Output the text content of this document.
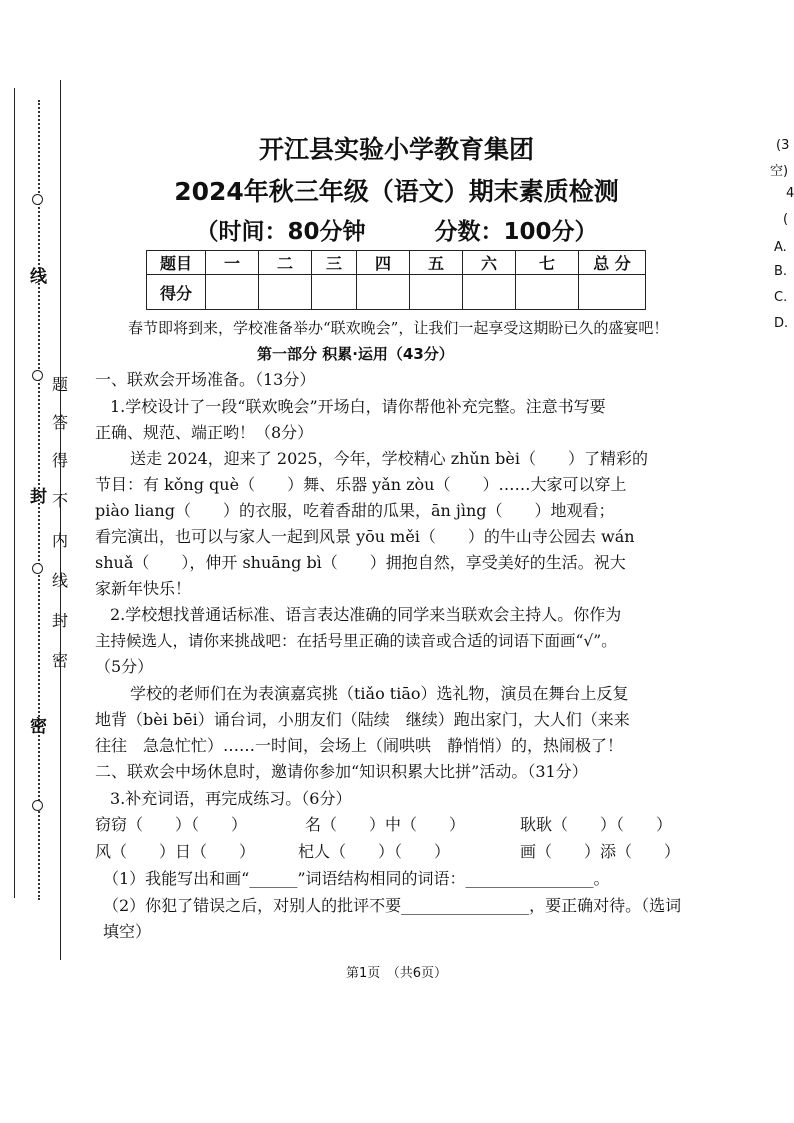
线
题
答
得
不
封
内
线
封
密
密
(3
空)
4
(
A.
B.
C.
D.
开江县实验小学教育集团
2024年秋三年级（语文）期末素质检测
（时间：80分钟　　　分数：100分）
题目	一	二	三	四	五	六	七	总 分
得分								
春节即将到来，学校准备举办“联欢晚会”，让我们一起享受这期盼已久的盛宴吧！
第一部分 积累·运用（43分）
一、联欢会开场准备。（13分）
1.学校设计了一段“联欢晚会”开场白，请你帮他补充完整。注意书写要
正确、规范、端正哟！（8分）
送走 2024，迎来了 2025，今年，学校精心 zhǔn bèi（　　）了精彩的
节目：有 kǒng què（　　）舞、乐器 yǎn zòu（　　）……大家可以穿上
piào liang（　　）的衣服，吃着香甜的瓜果，ān jìng（　　）地观看；
看完演出，也可以与家人一起到风景 yōu měi（　　）的牛山寺公园去 wán
shuǎ（　　），伸开 shuāng bì（　　）拥抱自然，享受美好的生活。祝大
家新年快乐！
2.学校想找普通话标准、语言表达准确的同学来当联欢会主持人。你作为
主持候选人，请你来挑战吧：在括号里正确的读音或合适的词语下面画“√”。
（5分）
学校的老师们在为表演嘉宾挑（tiǎo tiāo）选礼物，演员在舞台上反复
地背（bèi bēi）诵台词，小朋友们（陆续　继续）跑出家门，大人们（来来
往往　急急忙忙）……一时间，会场上（闹哄哄　静悄悄）的，热闹极了！
二、联欢会中场休息时，邀请你参加“知识积累大比拼”活动。（31分）
3.补充词语，再完成练习。（6分）
窃窃（　　）（　　）	名（　　）中（　　）	耿耿（　　）（　　）
风（　　）日（　　）	杞人（　　）（　　）	画（　　）添（　　）
（1）我能写出和画“______”词语结构相同的词语：________________。
（2）你犯了错误之后，对别人的批评不要________________，要正确对待。（选词
填空）
第1页　（共6页）
